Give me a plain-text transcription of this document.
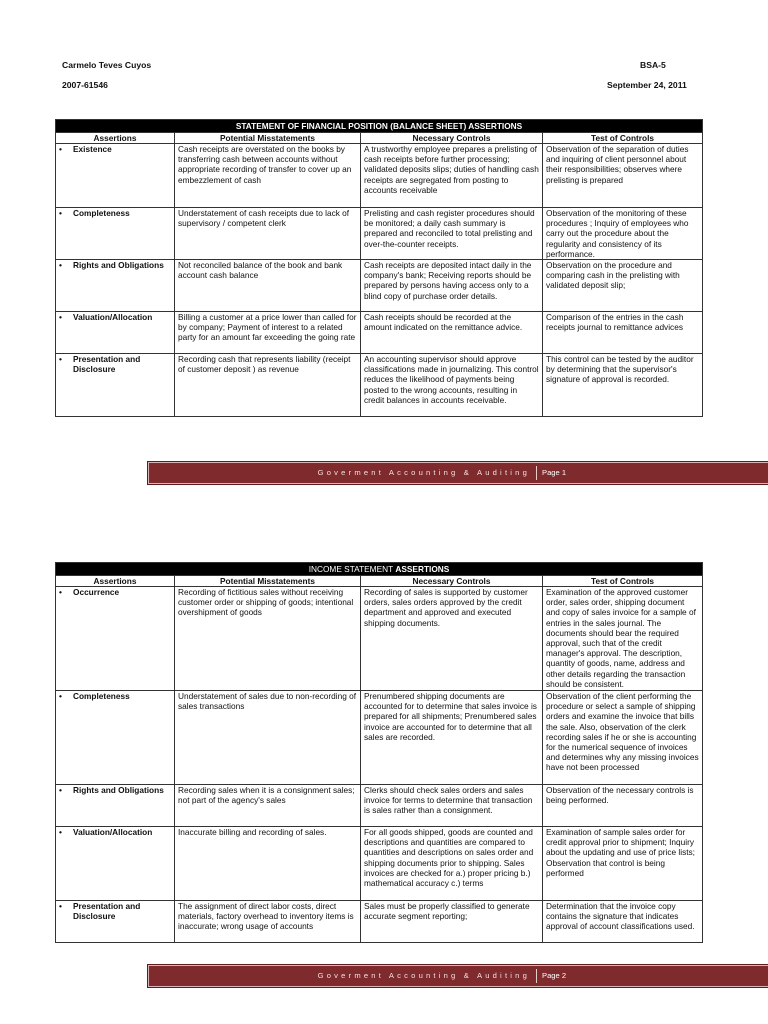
Carmelo Teves Cuyos
2007-61546
BSA-5
September 24, 2011
STATEMENT OF FINANCIAL POSITION (BALANCE SHEET) ASSERTIONS			
Assertions	Potential Misstatements	Necessary Controls	Test of Controls
• Existence	Cash receipts are overstated on the books by transferring cash between accounts without appropriate recording of transfer to cover up an embezzlement of cash	A trustworthy employee prepares a prelisting of cash receipts before further processing; validated deposits slips; duties of handling cash receipts are segregated from posting to accounts receivable	Observation of the separation of duties and inquiring of client personnel about their responsibilities; observes where prelisting is prepared
• Completeness	Understatement of cash receipts due to lack of supervisory / competent clerk	Prelisting and cash register procedures should be monitored; a daily cash summary is prepared and reconciled to total prelisting and over-the-counter receipts.	Observation of the monitoring of these procedures ; Inquiry of employees who carry out the procedure about the regularity and consistency of its performance.
• Rights and Obligations	Not reconciled balance of the book and bank account cash balance	Cash receipts are deposited intact daily in the company's bank; Receiving reports should be prepared by persons having access only to a blind copy of purchase order details.	Observation on the procedure and comparing cash in the prelisting with validated deposit slip;
• Valuation/Allocation	Billing a customer at a price lower than called for by company; Payment of interest to a related party for an amount far exceeding the going rate	Cash receipts should be recorded at the amount indicated on the remittance advice.	Comparison of the entries in the cash receipts journal to remittance advices
• Presentation and Disclosure	Recording cash that represents liability (receipt of customer deposit ) as revenue	An accounting supervisor should approve classifications made in journalizing. This control reduces the likelihood of payments being posted to the wrong accounts, resulting in credit balances in accounts receivable.	This control can be tested by the auditor by determining that the supervisor's signature of approval is recorded.
Goverment Accounting & Auditing Page 1
INCOME STATEMENT ASSERTIONS			
Assertions	Potential Misstatements	Necessary Controls	Test of Controls
• Occurrence	Recording of fictitious sales without receiving customer order or shipping of goods; intentional overshipment of goods	Recording of sales is supported by customer orders, sales orders approved by the credit department and approved and executed shipping documents.	Examination of the approved customer order, sales order, shipping document and copy of sales invoice for a sample of entries in the sales journal. The documents should bear the required approval, such that of the credit manager's approval. The description, quantity of goods, name, address and other details regarding the transaction should be consistent.
• Completeness	Understatement of sales due to non-recording of sales transactions	Prenumbered shipping documents are accounted for to determine that sales invoice is prepared for all shipments; Prenumbered sales invoice are accounted for to determine that all sales are recorded.	Observation of the client performing the procedure or select a sample of shipping orders and examine the invoice that bills the sale. Also, observation of the clerk recording sales if he or she is accounting for the numerical sequence of invoices and determines why any missing invoices have not been processed
• Rights and Obligations	Recording sales when it is a consignment sales; not part of the agency's sales	Clerks should check sales orders and sales invoice for terms to determine that transaction is sales rather than a consignment.	Observation of the necessary controls is being performed.
• Valuation/Allocation	Inaccurate billing and recording of sales.	For all goods shipped, goods are counted and descriptions and quantities are compared to quantities and descriptions on sales order and shipping documents prior to shipping. Sales invoices are checked for a.) proper pricing b.) mathematical accuracy c.) terms	Examination of sample sales order for credit approval prior to shipment; Inquiry about the updating and use of price lists; Observation that control is being performed
• Presentation and Disclosure	The assignment of direct labor costs, direct materials, factory overhead to inventory items is inaccurate; wrong usage of accounts	Sales must be properly classified to generate accurate segment reporting;	Determination that the invoice copy contains the signature that indicates approval of account classifications used.
Goverment Accounting & Auditing Page 2
